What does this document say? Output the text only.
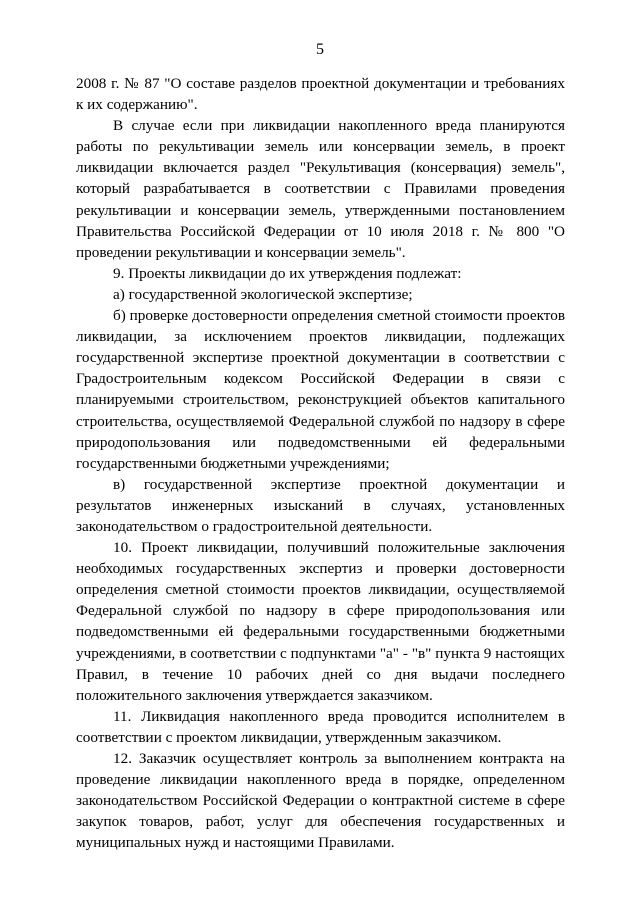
5

2008 г. № 87 "О составе разделов проектной документации и требованиях к их содержанию".

В случае если при ликвидации накопленного вреда планируются работы по рекультивации земель или консервации земель, в проект ликвидации включается раздел "Рекультивация (консервация) земель", который разрабатывается в соответствии с Правилами проведения рекультивации и консервации земель, утвержденными постановлением Правительства Российской Федерации от 10 июля 2018 г. № 800 "О проведении рекультивации и консервации земель".

9. Проекты ликвидации до их утверждения подлежат:

а) государственной экологической экспертизе;

б) проверке достоверности определения сметной стоимости проектов ликвидации, за исключением проектов ликвидации, подлежащих государственной экспертизе проектной документации в соответствии с Градостроительным кодексом Российской Федерации в связи с планируемыми строительством, реконструкцией объектов капитального строительства, осуществляемой Федеральной службой по надзору в сфере природопользования или подведомственными ей федеральными государственными бюджетными учреждениями;

в) государственной экспертизе проектной документации и результатов инженерных изысканий в случаях, установленных законодательством о градостроительной деятельности.

10. Проект ликвидации, получивший положительные заключения необходимых государственных экспертиз и проверки достоверности определения сметной стоимости проектов ликвидации, осуществляемой Федеральной службой по надзору в сфере природопользования или подведомственными ей федеральными государственными бюджетными учреждениями, в соответствии с подпунктами "а" - "в" пункта 9 настоящих Правил, в течение 10 рабочих дней со дня выдачи последнего положительного заключения утверждается заказчиком.

11. Ликвидация накопленного вреда проводится исполнителем в соответствии с проектом ликвидации, утвержденным заказчиком.

12. Заказчик осуществляет контроль за выполнением контракта на проведение ликвидации накопленного вреда в порядке, определенном законодательством Российской Федерации о контрактной системе в сфере закупок товаров, работ, услуг для обеспечения государственных и муниципальных нужд и настоящими Правилами.
